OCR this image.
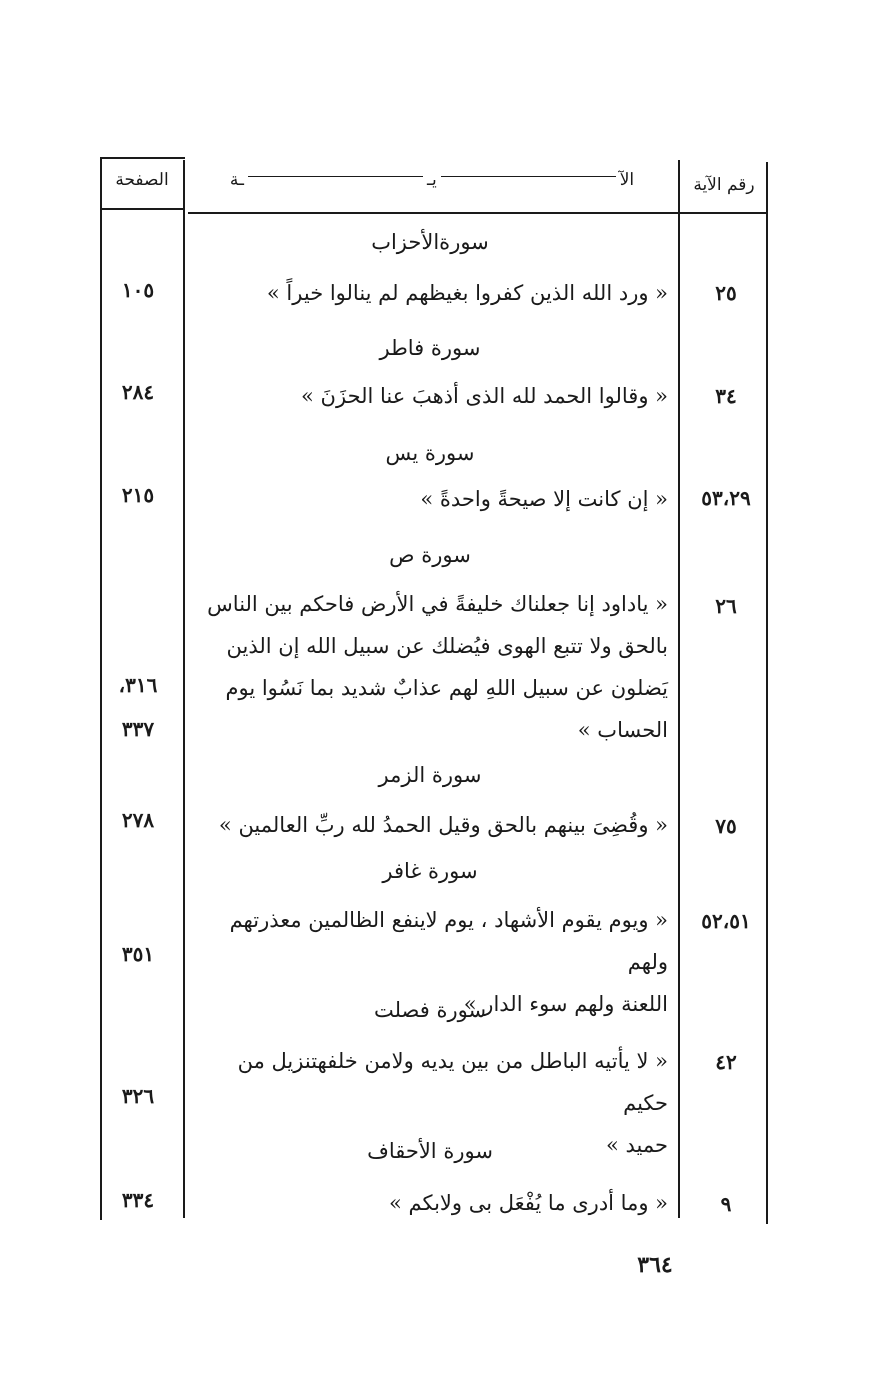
الصفحة	الآ
يـ
ـة	رقم الآية
سورةالأحزاب
٢٥

« ورد الله الذين كفروا بغيظهم لم ينالوا خيراً »

١٠٥
سورة فاطر
٣٤

« وقالوا الحمد لله الذى أذهبَ عنا الحزَنَ »

٢٨٤
سورة يس
٥٣،٢٩

« إن كانت إلا صيحةً واحدةً »

٢١٥
سورة ص
٢٦

« ياداود إنا جعلناك خليفةً في الأرض فاحكم بين الناس
بالحق ولا تتبع الهوى فيُضلك عن سبيل الله إن الذين
يَضلون عن سبيل اللهِ لهم عذابٌ شديد بما نَسُوا يوم
الحساب »

٣١٦،
٣٣٧
سورة الزمر
٧٥

« وقُضِىَ بينهم بالحق وقيل الحمدُ لله ربِّ العالمين »

٢٧٨
سورة غافر
٥٢،٥١

« ويوم يقوم الأشهاد ، يوم لاينفع الظالمين معذرتهم ولهم
اللعنة ولهم سوء الدار »

٣٥١
سورة فصلت
٤٢

« لا يأتيه الباطل من بين يديه ولامن خلفهتنزيل من حكيم
حميد »

٣٢٦
سورة الأحقاف
٩

« وما أدرى ما يُفْعَل بى ولابكم »

٣٣٤
٣٦٤
